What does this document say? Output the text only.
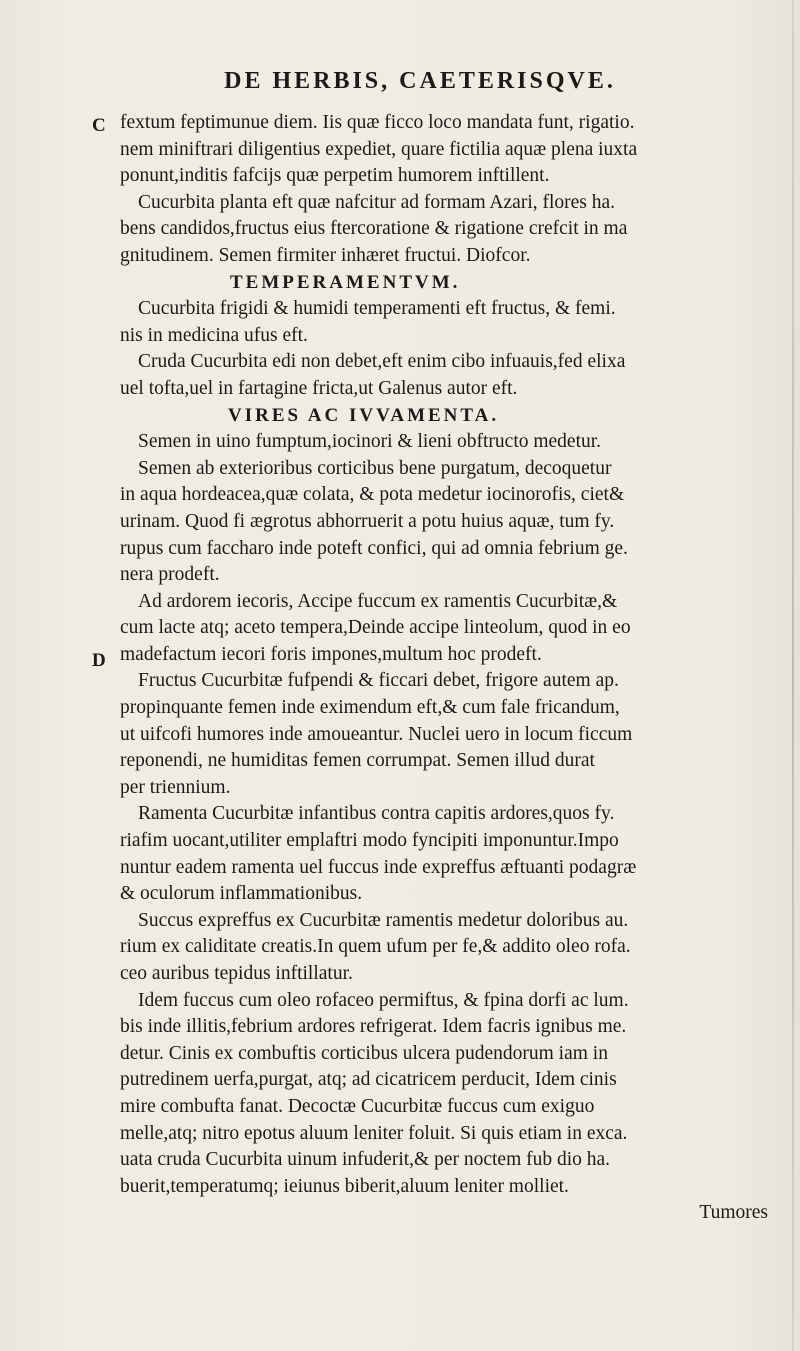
DE HERBIS, CAETERISQVE.
C
D
fextum feptimunue diem. Iis quæ ficco loco mandata funt, rigatio.
nem miniftrari diligentius expediet, quare fictilia aquæ plena iuxta
ponunt,inditis fafcijs quæ perpetim humorem inftillent.
Cucurbita planta eft quæ nafcitur ad formam Azari, flores ha.
bens candidos,fructus eius ftercoratione & rigatione crefcit in ma
gnitudinem. Semen firmiter inhæret fructui. Diofcor.
TEMPERAMENTVM.
Cucurbita frigidi & humidi temperamenti eft fructus, & femi.
nis in medicina ufus eft.
Cruda Cucurbita edi non debet,eft enim cibo infuauis,fed elixa
uel tofta,uel in fartagine fricta,ut Galenus autor eft.
VIRES AC IVVAMENTA.
Semen in uino fumptum,iocinori & lieni obftructo medetur.
Semen ab exterioribus corticibus bene purgatum, decoquetur
in aqua hordeacea,quæ colata, & pota medetur iocinorofis, ciet&
urinam. Quod fi ægrotus abhorruerit a potu huius aquæ, tum fy.
rupus cum faccharo inde poteft confici, qui ad omnia febrium ge.
nera prodeft.
Ad ardorem iecoris, Accipe fuccum ex ramentis Cucurbitæ,&
cum lacte atq; aceto tempera,Deinde accipe linteolum, quod in eo
madefactum iecori foris impones,multum hoc prodeft.
Fructus Cucurbitæ fufpendi & ficcari debet, frigore autem ap.
propinquante femen inde eximendum eft,& cum fale fricandum,
ut uifcofi humores inde amoueantur. Nuclei uero in locum ficcum
reponendi, ne humiditas femen corrumpat. Semen illud durat
per triennium.
Ramenta Cucurbitæ infantibus contra capitis ardores,quos fy.
riafim uocant,utiliter emplaftri modo fyncipiti imponuntur.Impo
nuntur eadem ramenta uel fuccus inde expreffus æftuanti podagræ
& oculorum inflammationibus.
Succus expreffus ex Cucurbitæ ramentis medetur doloribus au.
rium ex caliditate creatis.In quem ufum per fe,& addito oleo rofa.
ceo auribus tepidus inftillatur.
Idem fuccus cum oleo rofaceo permiftus, & fpina dorfi ac lum.
bis inde illitis,febrium ardores refrigerat. Idem facris ignibus me.
detur. Cinis ex combuftis corticibus ulcera pudendorum iam in
putredinem uerfa,purgat, atq; ad cicatricem perducit, Idem cinis
mire combufta fanat. Decoctæ Cucurbitæ fuccus cum exiguo
melle,atq; nitro epotus aluum leniter foluit. Si quis etiam in exca.
uata cruda Cucurbita uinum infuderit,& per noctem fub dio ha.
buerit,temperatumq; ieiunus biberit,aluum leniter molliet.
Tumores
